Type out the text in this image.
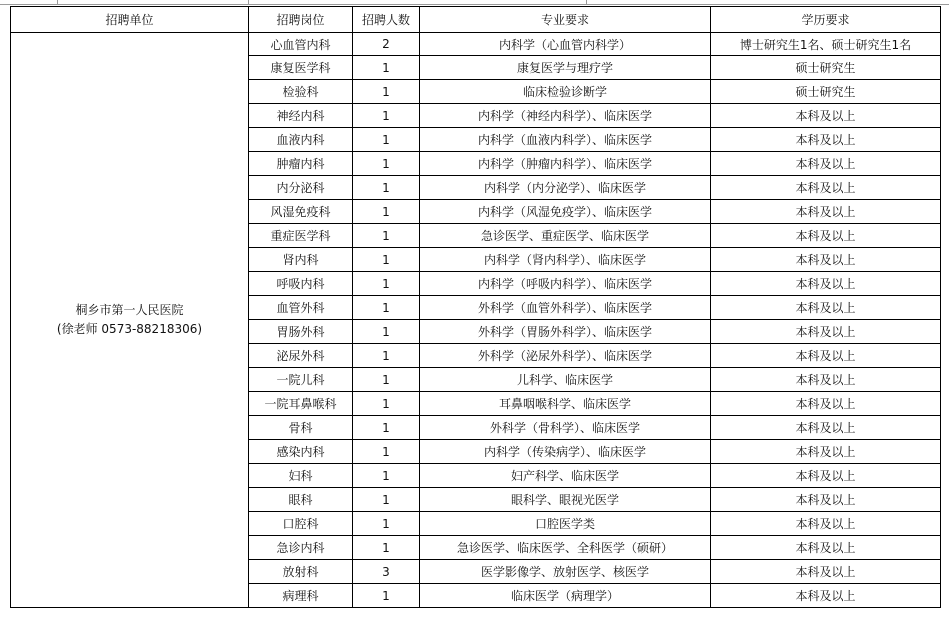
招聘单位	招聘岗位	招聘人数	专业要求	学历要求

桐乡市第一人民医院
(徐老师 0573-88218306)	心血管内科	2	内科学（心血管内科学）	博士研究生1名、硕士研究生1名
	康复医学科	1	康复医学与理疗学	硕士研究生
	检验科	1	临床检验诊断学	硕士研究生
	神经内科	1	内科学（神经内科学）、临床医学	本科及以上
	血液内科	1	内科学（血液内科学）、临床医学	本科及以上
	肿瘤内科	1	内科学（肿瘤内科学）、临床医学	本科及以上
	内分泌科	1	内科学（内分泌学）、临床医学	本科及以上
	风湿免疫科	1	内科学（风湿免疫学）、临床医学	本科及以上
	重症医学科	1	急诊医学、重症医学、临床医学	本科及以上
	肾内科	1	内科学（肾内科学）、临床医学	本科及以上
	呼吸内科	1	内科学（呼吸内科学）、临床医学	本科及以上
	血管外科	1	外科学（血管外科学）、临床医学	本科及以上
	胃肠外科	1	外科学（胃肠外科学）、临床医学	本科及以上
	泌尿外科	1	外科学（泌尿外科学）、临床医学	本科及以上
	一院儿科	1	儿科学、临床医学	本科及以上
	一院耳鼻喉科	1	耳鼻咽喉科学、临床医学	本科及以上
	骨科	1	外科学（骨科学）、临床医学	本科及以上
	感染内科	1	内科学（传染病学）、临床医学	本科及以上
	妇科	1	妇产科学、临床医学	本科及以上
	眼科	1	眼科学、眼视光医学	本科及以上
	口腔科	1	口腔医学类	本科及以上
	急诊内科	1	急诊医学、临床医学、全科医学（硕研）	本科及以上
	放射科	3	医学影像学、放射医学、核医学	本科及以上
	病理科	1	临床医学（病理学）	本科及以上
